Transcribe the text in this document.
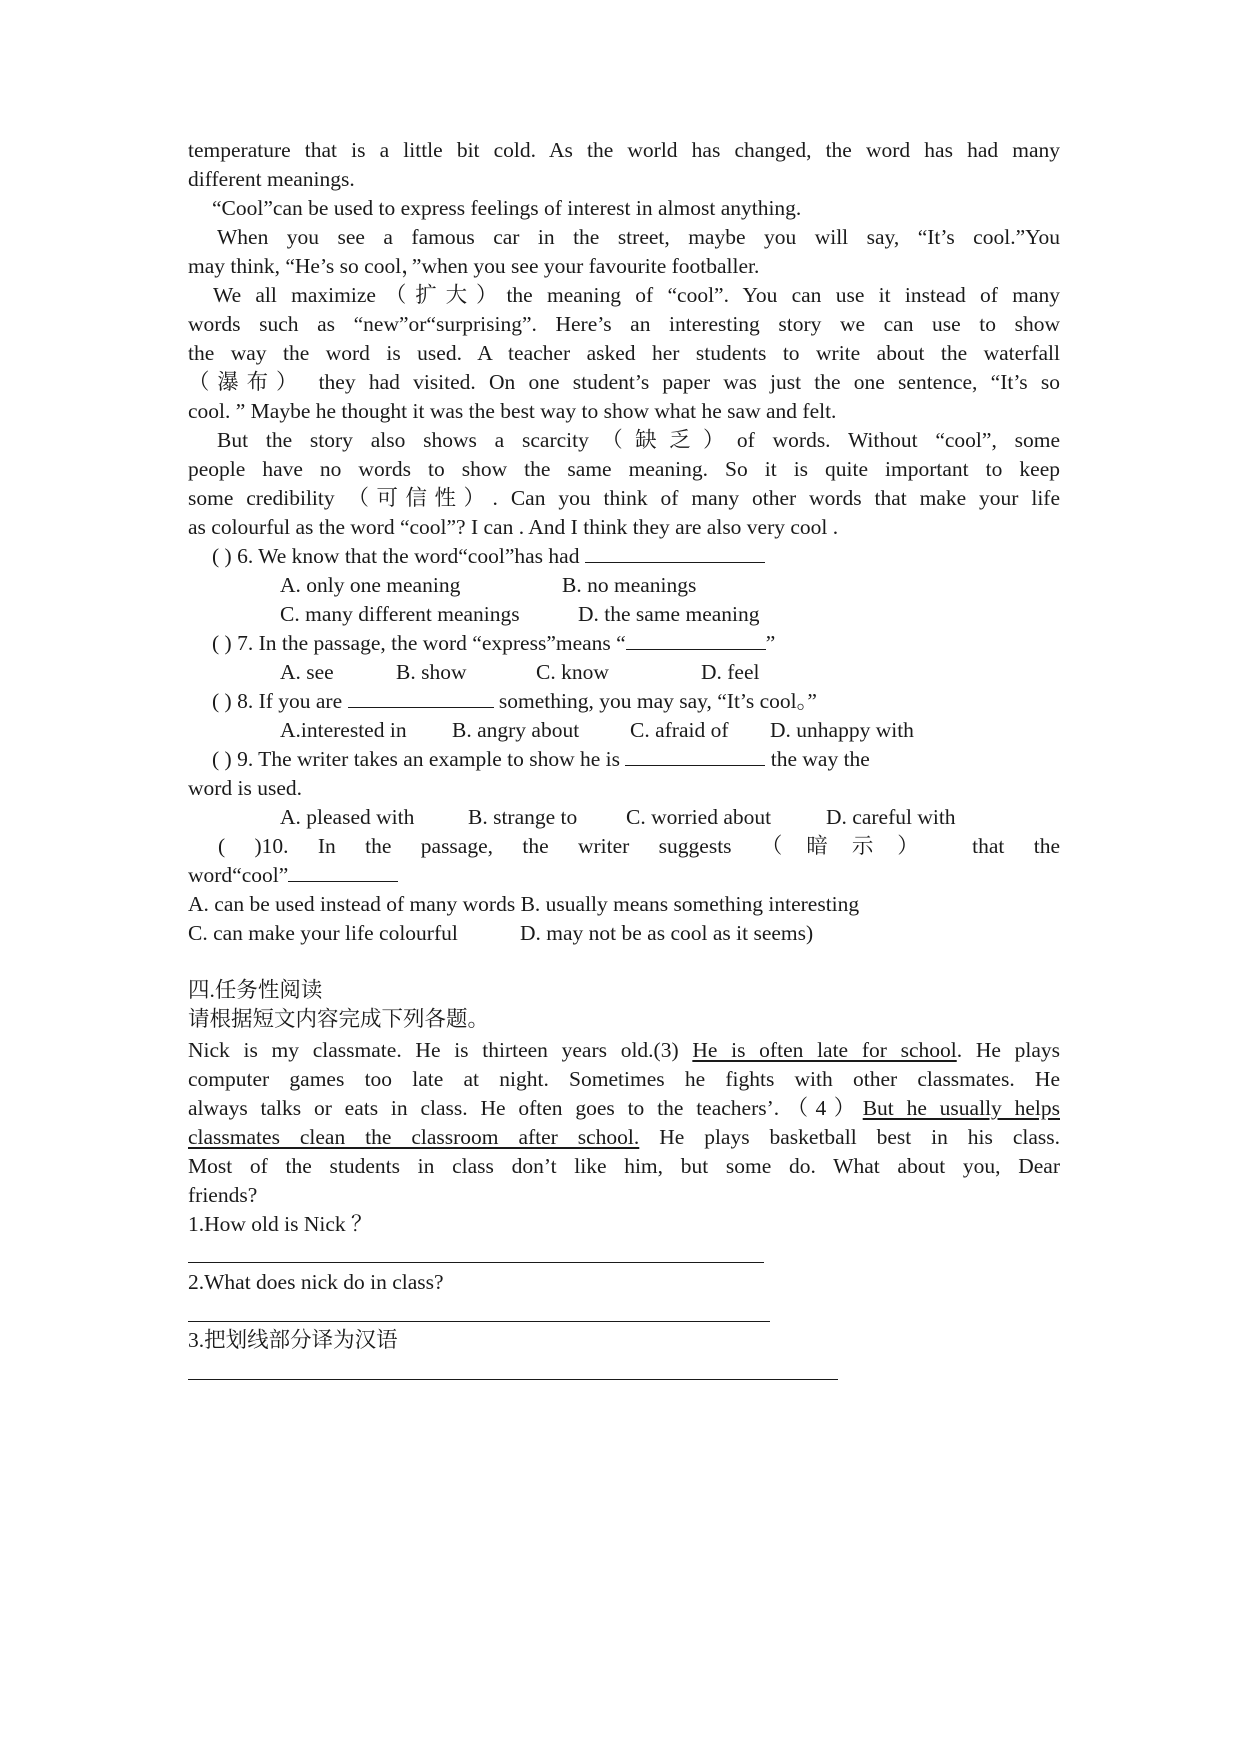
temperature that is a little bit cold. As the world has changed, the word has had many
different meanings.
“Cool”can be used to express feelings of interest in almost anything.
When you see a famous car in the street, maybe you will say, “It’s cool.”You
may think, “He’s so cool，”when you see your favourite footballer.
We all maximize（扩大）the meaning of “cool”. You can use it instead of many
words such as “new”or“surprising”. Here’s an interesting story we can use to show
the way the word is used. A teacher asked her students to write about the waterfall
（瀑布） they had visited. On one student’s paper was just the one sentence, “It’s so
cool. ” Maybe he thought it was the best way to show what he saw and felt.
But the story also shows a scarcity（缺乏）of words. Without “cool”, some
people have no words to show the same meaning. So it is quite important to keep
some credibility （可信性）. Can you think of many other words that make your life
as colourful as the word “cool”? I can . And I think they are also very cool .
( ) 6. We know that the word“cool”has had
A. only one meaning	B. no meanings
C. many different meanings	D. the same meaning
( ) 7. In the passage, the word “express”means “	”
A. see	B. show	C. know	D. feel
( ) 8. If you are	something, you may say, “It’s cool。”
A.interested in B. angry about C. afraid of D. unhappy with
( ) 9. The writer takes an example to show he is	the way the
word is used.
A. pleased with B. strange to C. worried about	D. careful with
( )10. In the passage, the writer suggests （暗示） that the
word“cool”
A. can be used instead of many words B. usually means something interesting
C. can make your life colourful	D. may not be as cool as it seems)
四.任务性阅读
请根据短文内容完成下列各题。
Nick is my classmate. He is thirteen years old.(3) He is often late for school. He plays
computer games too late at night. Sometimes he fights with other classmates. He
always talks or eats in class. He often goes to the teachers’.（4）But he usually helps
classmates clean the classroom after school. He plays basketball best in his class.
Most of the students in class don’t like him, but some do. What about you, Dear
friends?
1.How old is Nick ？
2.What does nick do in class?
3.把划线部分译为汉语
